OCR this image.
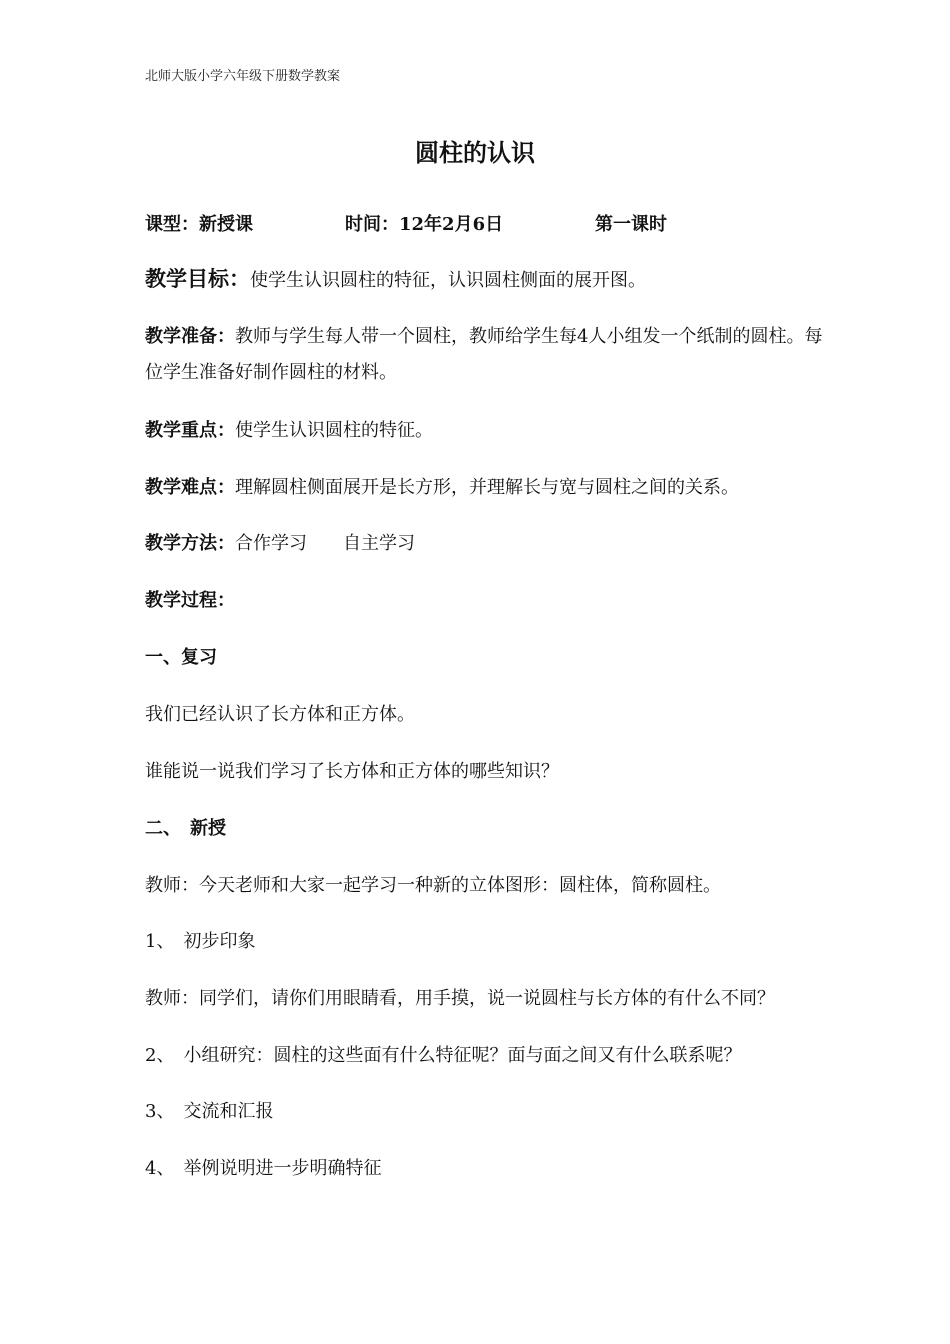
北师大版小学六年级下册数学教案
圆柱的认识
课型：新授课	时间：12年2月6日	第一课时
教学目标：使学生认识圆柱的特征，认识圆柱侧面的展开图。
教学准备：教师与学生每人带一个圆柱，教师给学生每4人小组发一个纸制的圆柱。每位学生准备好制作圆柱的材料。
教学重点：使学生认识圆柱的特征。
教学难点：理解圆柱侧面展开是长方形，并理解长与宽与圆柱之间的关系。
教学方法：合作学习　　自主学习
教学过程：
一、复习
我们已经认识了长方体和正方体。
谁能说一说我们学习了长方体和正方体的哪些知识？
二、　新授
教师：今天老师和大家一起学习一种新的立体图形：圆柱体，简称圆柱。
1、　初步印象
教师：同学们，请你们用眼睛看，用手摸，说一说圆柱与长方体的有什么不同？
2、　小组研究：圆柱的这些面有什么特征呢？面与面之间又有什么联系呢？
3、　交流和汇报
4、　举例说明进一步明确特征
